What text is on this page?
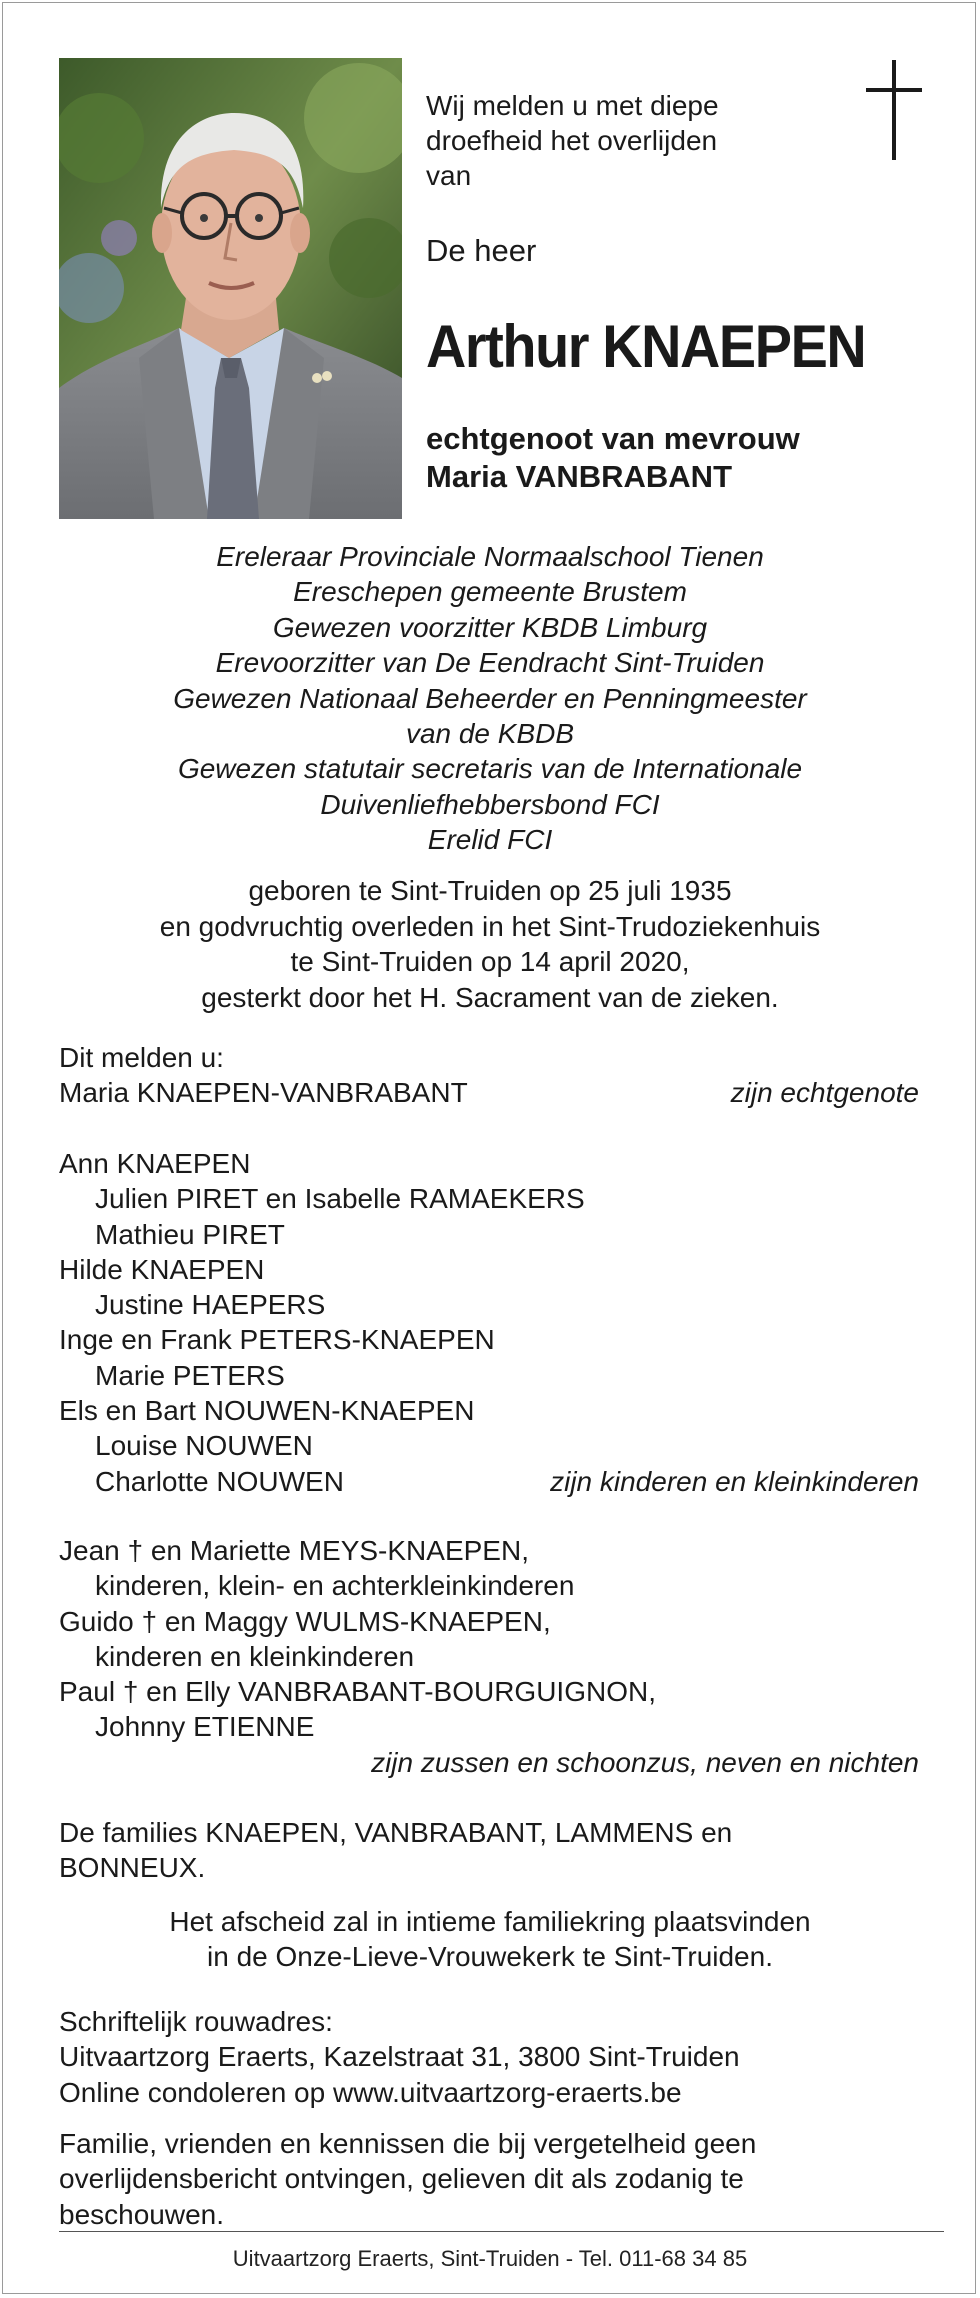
Wij melden u met diepe
droefheid het overlijden
van
De heer
Arthur KNAEPEN
echtgenoot van mevrouw
Maria VANBRABANT
Ereleraar Provinciale Normaalschool Tienen
Ereschepen gemeente Brustem
Gewezen voorzitter KBDB Limburg
Erevoorzitter van De Eendracht Sint-Truiden
Gewezen Nationaal Beheerder en Penningmeester
van de KBDB
Gewezen statutair secretaris van de Internationale
Duivenliefhebbersbond FCI
Erelid FCI
geboren te Sint-Truiden op 25 juli 1935
en godvruchtig overleden in het Sint-Trudoziekenhuis
te Sint-Truiden op 14 april 2020,
gesterkt door het H. Sacrament van de zieken.
Dit melden u:
Maria KNAEPEN-VANBRABANT	zijn echtgenote
Ann KNAEPEN
Julien PIRET en Isabelle RAMAEKERS
Mathieu PIRET
Hilde KNAEPEN
Justine HAEPERS
Inge en Frank PETERS-KNAEPEN
Marie PETERS
Els en Bart NOUWEN-KNAEPEN
Louise NOUWEN
Charlotte NOUWEN	zijn kinderen en kleinkinderen
Jean † en Mariette MEYS-KNAEPEN,
kinderen, klein- en achterkleinkinderen
Guido † en Maggy WULMS-KNAEPEN,
kinderen en kleinkinderen
Paul † en Elly VANBRABANT-BOURGUIGNON,
Johnny ETIENNE
zijn zussen en schoonzus, neven en nichten
De families KNAEPEN, VANBRABANT, LAMMENS en BONNEUX.
Het afscheid zal in intieme familiekring plaatsvinden
in de Onze-Lieve-Vrouwekerk te Sint-Truiden.
Schriftelijk rouwadres:
Uitvaartzorg Eraerts, Kazelstraat 31, 3800 Sint-Truiden
Online condoleren op www.uitvaartzorg-eraerts.be
Familie, vrienden en kennissen die bij vergetelheid geen overlijdensbericht ontvingen, gelieven dit als zodanig te beschouwen.
Uitvaartzorg Eraerts, Sint-Truiden - Tel. 011-68 34 85
